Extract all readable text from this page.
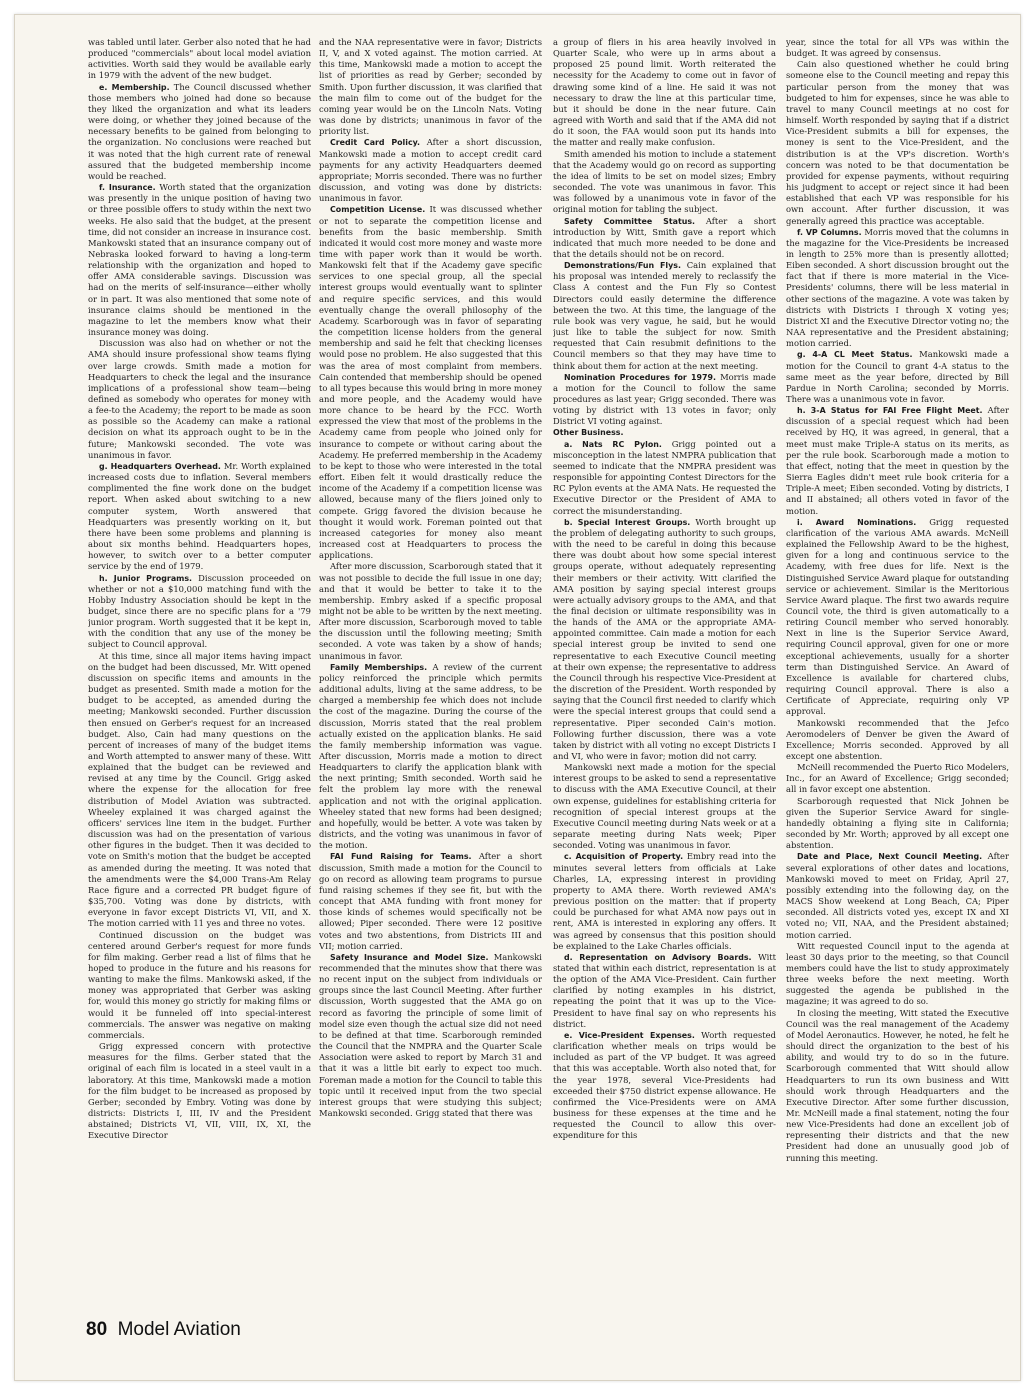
was tabled until later. Gerber also noted that he had produced "commercials" about local model aviation activities. Worth said they would be available early in 1979 with the advent of the new budget.

e. Membership. The Council discussed whether those members who joined had done so because they liked the organization and what its leaders were doing, or whether they joined because of the necessary benefits to be gained from belonging to the organization. No conclusions were reached but it was noted that the high current rate of renewal assured that the budgeted membership income would be reached.

f. Insurance. Worth stated that the organization was presently in the unique position of having two or three possible offers to study within the next two weeks. He also said that the budget, at the present time, did not consider an increase in insurance cost. Mankowski stated that an insurance company out of Nebraska looked forward to having a long-term relationship with the organization and hoped to offer AMA considerable savings. Discussion was had on the merits of self-insurance—either wholly or in part. It was also mentioned that some note of insurance claims should be mentioned in the magazine to let the members know what their insurance money was doing.

Discussion was also had on whether or not the AMA should insure professional show teams flying over large crowds. Smith made a motion for Headquarters to check the legal and the insurance implications of a professional show team—being defined as somebody who operates for money with a fee-to the Academy; the report to be made as soon as possible so the Academy can make a rational decision on what its approach ought to be in the future; Mankowski seconded. The vote was unanimous in favor.

g. Headquarters Overhead. Mr. Worth explained increased costs due to inflation. Several members complimented the fine work done on the budget report. When asked about switching to a new computer system, Worth answered that Headquarters was presently working on it, but there have been some problems and planning is about six months behind. Headquarters hopes, however, to switch over to a better computer service by the end of 1979.

h. Junior Programs. Discussion proceeded on whether or not a $10,000 matching fund with the Hobby Industry Association should be kept in the budget, since there are no specific plans for a '79 junior program. Worth suggested that it be kept in, with the condition that any use of the money be subject to Council approval.

At this time, since all major items having impact on the budget had been discussed, Mr. Witt opened discussion on specific items and amounts in the budget as presented. Smith made a motion for the budget to be accepted, as amended during the meeting; Mankowski seconded. Further discussion then ensued on Gerber's request for an increased budget. Also, Cain had many questions on the percent of increases of many of the budget items and Worth attempted to answer many of these. Witt explained that the budget can be reviewed and revised at any time by the Council. Grigg asked where the expense for the allocation for free distribution of Model Aviation was subtracted. Wheeley explained it was charged against the officers' services line item in the budget. Further discussion was had on the presentation of various other figures in the budget. Then it was decided to vote on Smith's motion that the budget be accepted as amended during the meeting. It was noted that the amendments were the $4,000 Trans-Am Relay Race figure and a corrected PR budget figure of $35,700. Voting was done by districts, with everyone in favor except Districts VI, VII, and X. The motion carried with 11 yes and three no votes.

Continued discussion on the budget was centered around Gerber's request for more funds for film making. Gerber read a list of films that he hoped to produce in the future and his reasons for wanting to make the films. Mankowski asked, if the money was appropriated that Gerber was asking for, would this money go strictly for making films or would it be funneled off into special-interest commercials. The answer was negative on making commercials.

Grigg expressed concern with protective measures for the films. Gerber stated that the original of each film is located in a steel vault in a laboratory. At this time, Mankowski made a motion for the film budget to be increased as proposed by Gerber; seconded by Embry. Voting was done by districts: Districts I, III, IV and the President abstained; Districts VI, VII, VIII, IX, XI, the Executive Director

and the NAA representative were in favor; Districts II, V, and X voted against. The motion carried. At this time, Mankowski made a motion to accept the list of priorities as read by Gerber; seconded by Smith. Upon further discussion, it was clarified that the main film to come out of the budget for the coming year would be on the Lincoln Nats. Voting was done by districts; unanimous in favor of the priority list.

Credit Card Policy. After a short discussion, Mankowski made a motion to accept credit card payments for any activity Headquarters deemed appropriate; Morris seconded. There was no further discussion, and voting was done by districts: unanimous in favor.

Competition License. It was discussed whether or not to separate the competition license and benefits from the basic membership. Smith indicated it would cost more money and waste more time with paper work than it would be worth. Mankowski felt that if the Academy gave specific services to one special group, all the special interest groups would eventually want to splinter and require specific services, and this would eventually change the overall philosophy of the Academy. Scarborough was in favor of separating the competition license holders from the general membership and said he felt that checking licenses would pose no problem. He also suggested that this was the area of most complaint from members. Cain contended that membership should be opened to all types because this would bring in more money and more people, and the Academy would have more chance to be heard by the FCC. Worth expressed the view that most of the problems in the Academy came from people who joined only for insurance to compete or without caring about the Academy. He preferred membership in the Academy to be kept to those who were interested in the total effort. Eiben felt it would drastically reduce the income of the Academy if a competition license was allowed, because many of the fliers joined only to compete. Grigg favored the division because he thought it would work. Foreman pointed out that increased categories for money also meant increased cost at Headquarters to process the applications.

After more discussion, Scarborough stated that it was not possible to decide the full issue in one day; and that it would be better to take it to the membership. Embry asked if a specific proposal might not be able to be written by the next meeting. After more discussion, Scarborough moved to table the discussion until the following meeting; Smith seconded. A vote was taken by a show of hands; unanimous in favor.

Family Memberships. A review of the current policy reinforced the principle which permits additional adults, living at the same address, to be charged a membership fee which does not include the cost of the magazine. During the course of the discussion, Morris stated that the real problem actually existed on the application blanks. He said the family membership information was vague. After discussion, Morris made a motion to direct Headquarters to clarify the application blank with the next printing; Smith seconded. Worth said he felt the problem lay more with the renewal application and not with the original application. Wheeley stated that new forms had been designed; and hopefully, would be better. A vote was taken by districts, and the voting was unanimous in favor of the motion.

FAI Fund Raising for Teams. After a short discussion, Smith made a motion for the Council to go on record as allowing team programs to pursue fund raising schemes if they see fit, but with the concept that AMA funding with front money for those kinds of schemes would specifically not be allowed; Piper seconded. There were 12 positive votes and two abstentions, from Districts III and VII; motion carried.

Safety Insurance and Model Size. Mankowski recommended that the minutes show that there was no recent input on the subject from individuals or groups since the last Council Meeting. After further discussion, Worth suggested that the AMA go on record as favoring the principle of some limit of model size even though the actual size did not need to be defined at that time. Scarborough reminded the Council that the NMPRA and the Quarter Scale Association were asked to report by March 31 and that it was a little bit early to expect too much. Foreman made a motion for the Council to table this topic until it received input from the two special interest groups that were studying this subject; Mankowski seconded. Grigg stated that there was

a group of fliers in his area heavily involved in Quarter Scale, who were up in arms about a proposed 25 pound limit. Worth reiterated the necessity for the Academy to come out in favor of drawing some kind of a line. He said it was not necessary to draw the line at this particular time, but it should be done in the near future. Cain agreed with Worth and said that if the AMA did not do it soon, the FAA would soon put its hands into the matter and really make confusion.

Smith amended his motion to include a statement that the Academy would go on record as supporting the idea of limits to be set on model sizes; Embry seconded. The vote was unanimous in favor. This was followed by a unanimous vote in favor of the original motion for tabling the subject.

Safety Committee Status. After a short introduction by Witt, Smith gave a report which indicated that much more needed to be done and that the details should not be on record.

Demonstrations/Fun Flys. Cain explained that his proposal was intended merely to reclassify the Class A contest and the Fun Fly so Contest Directors could easily determine the difference between the two. At this time, the language of the rule book was very vague, he said, but he would just like to table the subject for now. Smith requested that Cain resubmit definitions to the Council members so that they may have time to think about them for action at the next meeting.

Nomination Procedures for 1979. Morris made a motion for the Council to follow the same procedures as last year; Grigg seconded. There was voting by district with 13 votes in favor; only District VI voting against.

Other Business.

a. Nats RC Pylon. Grigg pointed out a misconception in the latest NMPRA publication that seemed to indicate that the NMPRA president was responsible for appointing Contest Directors for the RC Pylon events at the AMA Nats. He requested the Executive Director or the President of AMA to correct the misunderstanding.

b. Special Interest Groups. Worth brought up the problem of delegating authority to such groups, with the need to be careful in doing this because there was doubt about how some special interest groups operate, without adequately representing their members or their activity. Witt clarified the AMA position by saying special interest groups were actually advisory groups to the AMA, and that the final decision or ultimate responsibility was in the hands of the AMA or the appropriate AMA-appointed committee. Cain made a motion for each special interest group be invited to send one representative to each Executive Council meeting at their own expense; the representative to address the Council through his respective Vice-President at the discretion of the President. Worth responded by saying that the Council first needed to clarify which were the special interest groups that could send a representative. Piper seconded Cain's motion. Following further discussion, there was a vote taken by district with all voting no except Districts I and VI, who were in favor; motion did not carry.

Mankowski next made a motion for the special interest groups to be asked to send a representative to discuss with the AMA Executive Council, at their own expense, guidelines for establishing criteria for recognition of special interest groups at the Executive Council meeting during Nats week or at a separate meeting during Nats week; Piper seconded. Voting was unanimous in favor.

c. Acquisition of Property. Embry read into the minutes several letters from officials at Lake Charles, LA, expressing interest in providing property to AMA there. Worth reviewed AMA's previous position on the matter: that if property could be purchased for what AMA now pays out in rent, AMA is interested in exploring any offers. It was agreed by consensus that this position should be explained to the Lake Charles officials.

d. Representation on Advisory Boards. Witt stated that within each district, representation is at the option of the AMA Vice-President. Cain further clarified by noting examples in his district, repeating the point that it was up to the Vice-President to have final say on who represents his district.

e. Vice-President Expenses. Worth requested clarification whether meals on trips would be included as part of the VP budget. It was agreed that this was acceptable. Worth also noted that, for the year 1978, several Vice-Presidents had exceeded their $750 district expense allowance. He confirmed the Vice-Presidents were on AMA business for these expenses at the time and he requested the Council to allow this over-expenditure for this

year, since the total for all VPs was within the budget. It was agreed by consensus.

Cain also questioned whether he could bring someone else to the Council meeting and repay this particular person from the money that was budgeted to him for expenses, since he was able to travel to many Council meetings at no cost for himself. Worth responded by saying that if a district Vice-President submits a bill for expenses, the money is sent to the Vice-President, and the distribution is at the VP's discretion. Worth's concern was noted to be that documentation be provided for expense payments, without requiring his judgment to accept or reject since it had been established that each VP was responsible for his own account. After further discussion, it was generally agreed this practice was acceptable.

f. VP Columns. Morris moved that the columns in the magazine for the Vice-Presidents be increased in length to 25% more than is presently allotted; Eiben seconded. A short discussion brought out the fact that if there is more material in the Vice-Presidents' columns, there will be less material in other sections of the magazine. A vote was taken by districts with Districts I through X voting yes; District XI and the Executive Director voting no; the NAA representative and the President abstaining; motion carried.

g. 4-A CL Meet Status. Mankowski made a motion for the Council to grant 4-A status to the same meet as the year before, directed by Bill Pardue in North Carolina; seconded by Morris. There was a unanimous vote in favor.

h. 3-A Status for FAI Free Flight Meet. After discussion of a special request which had been received by HQ, it was agreed, in general, that a meet must make Triple-A status on its merits, as per the rule book. Scarborough made a motion to that effect, noting that the meet in question by the Sierra Eagles didn't meet rule book criteria for a Triple-A meet; Eiben seconded. Voting by districts, I and II abstained; all others voted in favor of the motion.

i. Award Nominations. Grigg requested clarification of the various AMA awards. McNeill explained the Fellowship Award to be the highest, given for a long and continuous service to the Academy, with free dues for life. Next is the Distinguished Service Award plaque for outstanding service or achievement. Similar is the Meritorious Service Award plaque. The first two awards require Council vote, the third is given automatically to a retiring Council member who served honorably. Next in line is the Superior Service Award, requiring Council approval, given for one or more exceptional achievements, usually for a shorter term than Distinguished Service. An Award of Excellence is available for chartered clubs, requiring Council approval. There is also a Certificate of Appreciate, requiring only VP approval.

Mankowski recommended that the Jefco Aeromodelers of Denver be given the Award of Excellence; Morris seconded. Approved by all except one abstention.

McNeill recommended the Puerto Rico Modelers, Inc., for an Award of Excellence; Grigg seconded; all in favor except one abstention.

Scarborough requested that Nick Johnen be given the Superior Service Award for single-handedly obtaining a flying site in California; seconded by Mr. Worth; approved by all except one abstention.

Date and Place, Next Council Meeting. After several explorations of other dates and locations, Mankowski moved to meet on Friday, April 27, possibly extending into the following day, on the MACS Show weekend at Long Beach, CA; Piper seconded. All districts voted yes, except IX and XI voted no; VII, NAA, and the President abstained; motion carried.

Witt requested Council input to the agenda at least 30 days prior to the meeting, so that Council members could have the list to study approximately three weeks before the next meeting. Worth suggested the agenda be published in the magazine; it was agreed to do so.

In closing the meeting, Witt stated the Executive Council was the real management of the Academy of Model Aeronautics. However, he noted, he felt he should direct the organization to the best of his ability, and would try to do so in the future. Scarborough commented that Witt should allow Headquarters to run its own business and Witt should work through Headquarters and the Executive Director. After some further discussion, Mr. McNeill made a final statement, noting the four new Vice-Presidents had done an excellent job of representing their districts and that the new President had done an unusually good job of running this meeting.

80 Model Aviation
